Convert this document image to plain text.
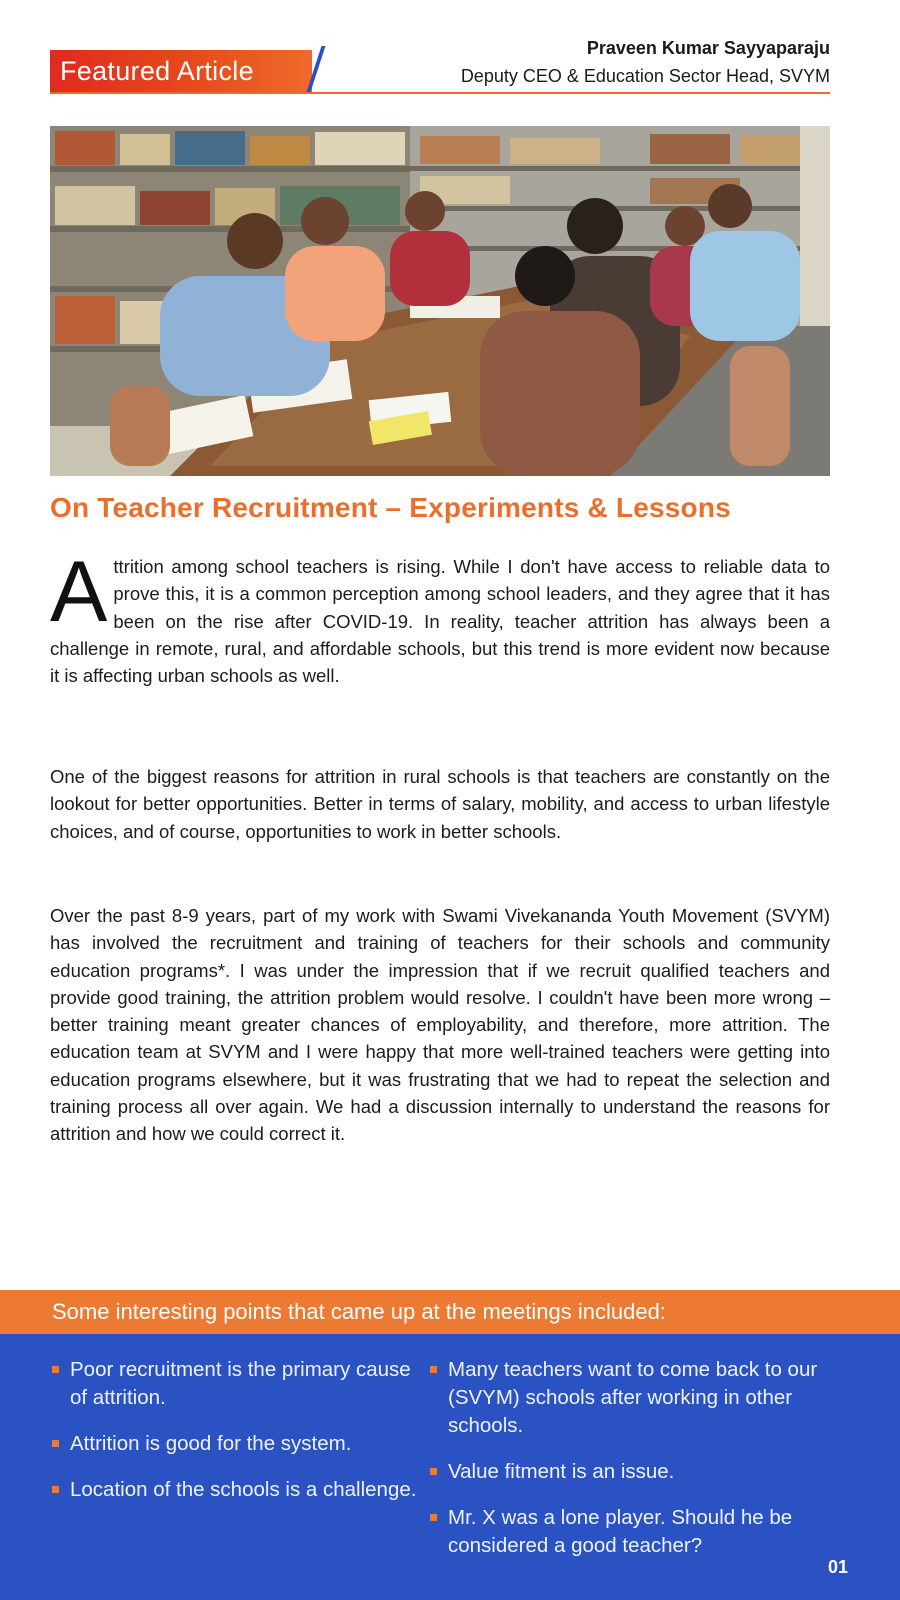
Featured Article
Praveen Kumar Sayyaparaju
Deputy CEO & Education Sector Head, SVYM
On Teacher Recruitment – Experiments & Lessons

Attrition among school teachers is rising. While I don't have access to reliable data to prove this, it is a common perception among school leaders, and they agree that it has been on the rise after COVID-19. In reality, teacher attrition has always been a challenge in remote, rural, and affordable schools, but this trend is more evident now because it is affecting urban schools as well.

One of the biggest reasons for attrition in rural schools is that teachers are constantly on the lookout for better opportunities. Better in terms of salary, mobility, and access to urban lifestyle choices, and of course, opportunities to work in better schools.

Over the past 8-9 years, part of my work with Swami Vivekananda Youth Movement (SVYM) has involved the recruitment and training of teachers for their schools and community education programs*. I was under the impression that if we recruit qualified teachers and provide good training, the attrition problem would resolve. I couldn't have been more wrong – better training meant greater chances of employability, and therefore, more attrition. The education team at SVYM and I were happy that more well-trained teachers were getting into education programs elsewhere, but it was frustrating that we had to repeat the selection and training process all over again. We had a discussion internally to understand the reasons for attrition and how we could correct it.

Some interesting points that came up at the meetings included:
Poor recruitment is the primary cause of attrition.
Attrition is good for the system.
Location of the schools is a challenge.
Many teachers want to come back to our (SVYM) schools after working in other schools.
Value fitment is an issue.
Mr. X was a lone player. Should he be considered a good teacher?
01
